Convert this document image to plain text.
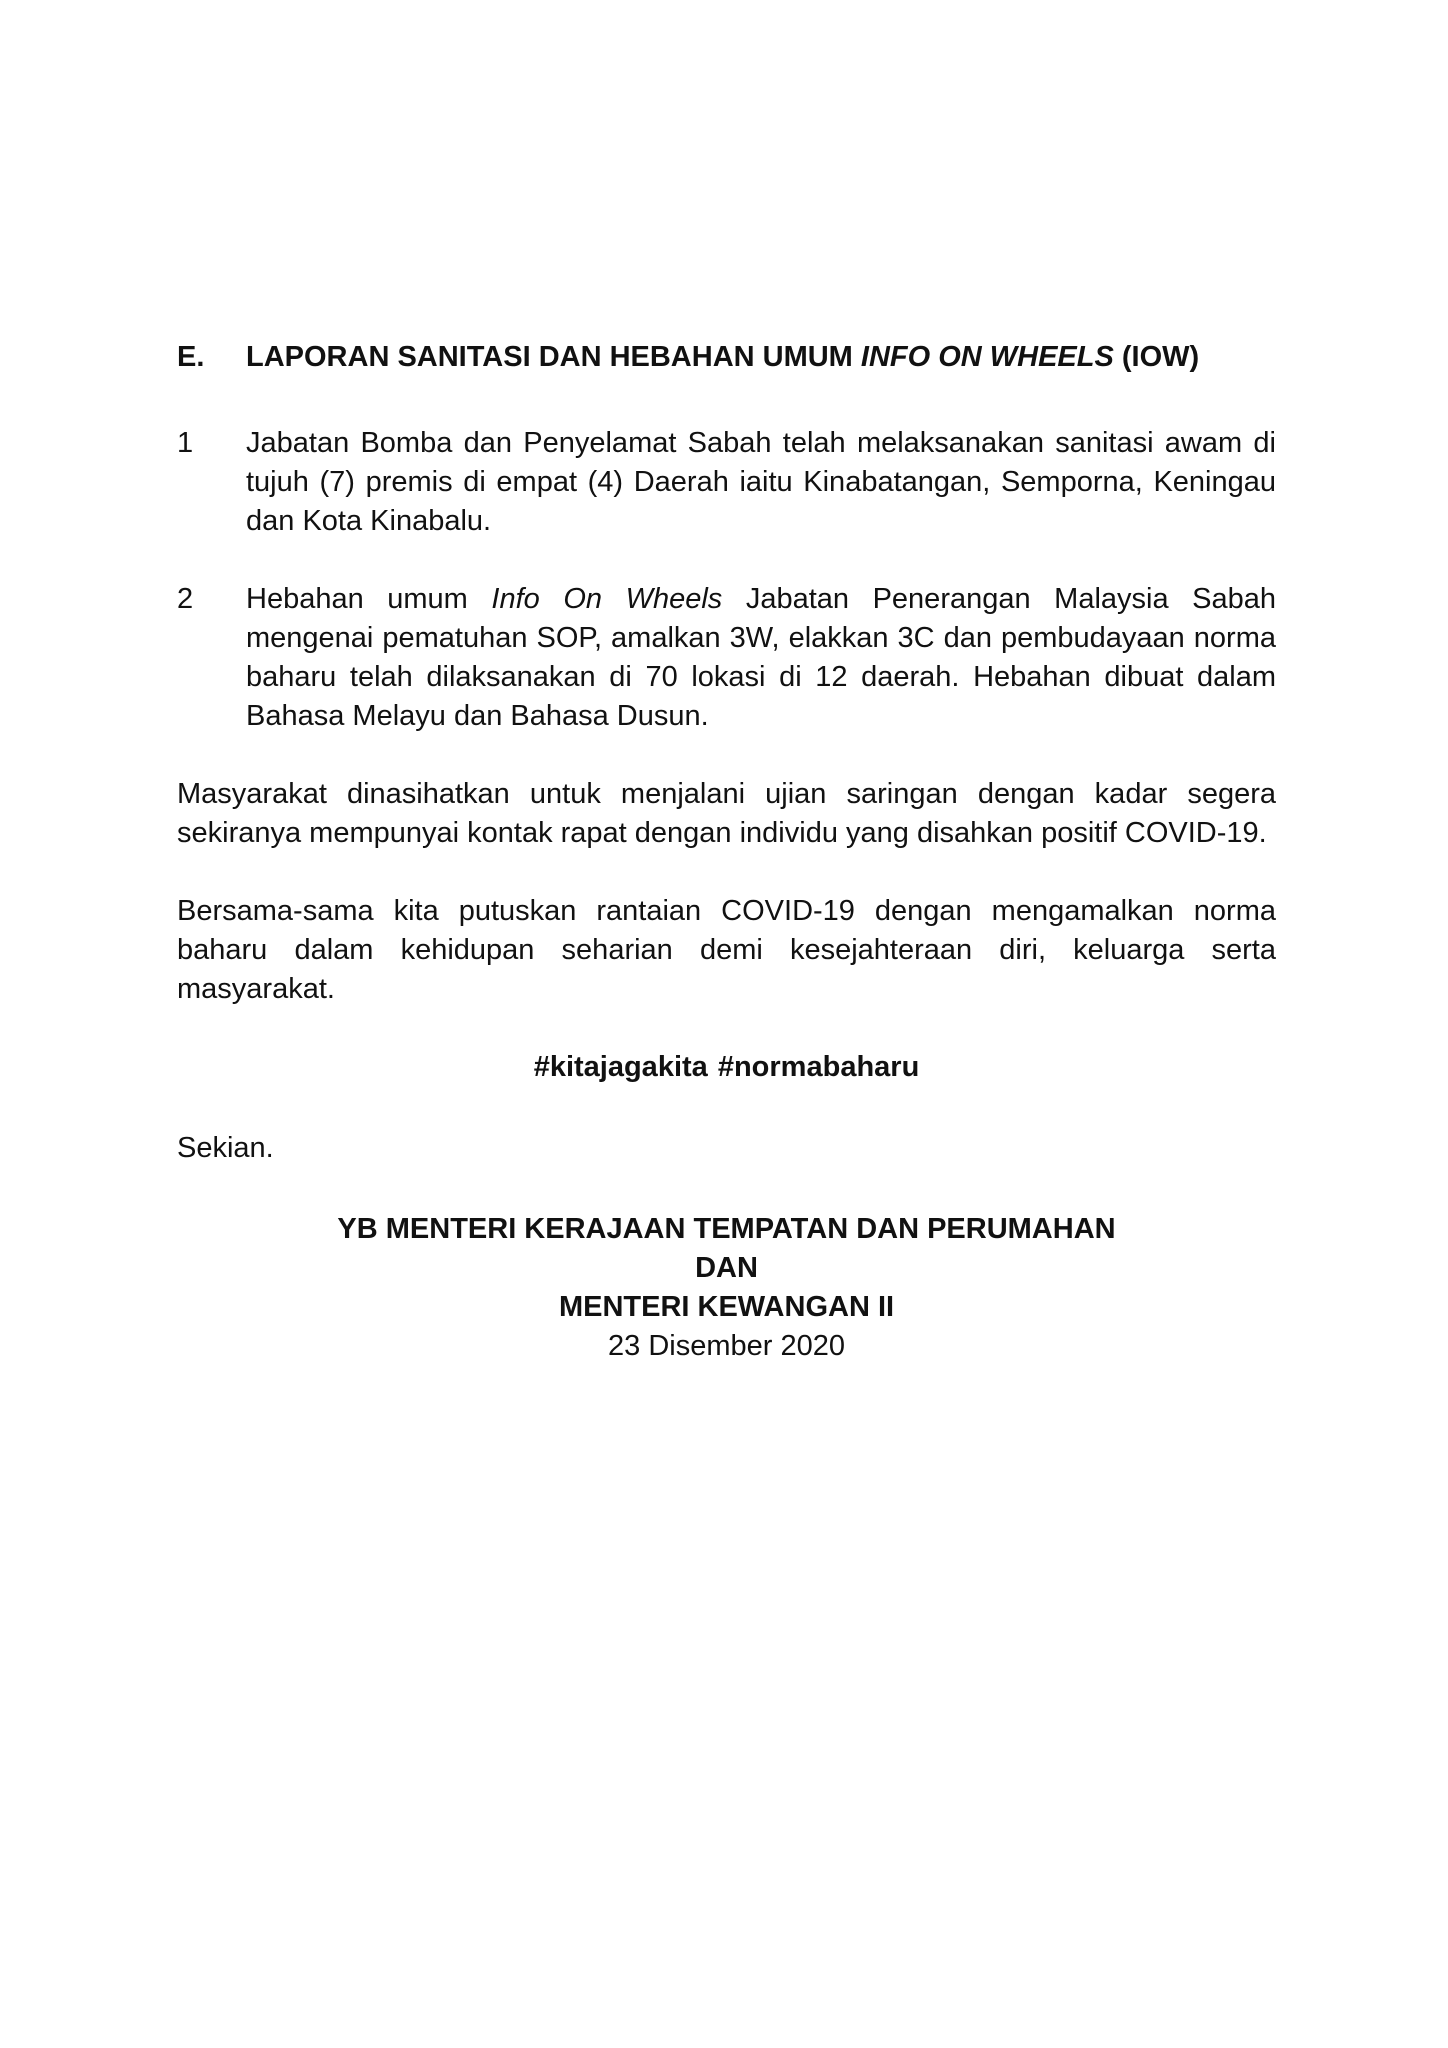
E.	LAPORAN SANITASI DAN HEBAHAN UMUM INFO ON WHEELS (IOW)
1	Jabatan Bomba dan Penyelamat Sabah telah melaksanakan sanitasi awam di tujuh (7) premis di empat (4) Daerah iaitu Kinabatangan, Semporna, Keningau dan Kota Kinabalu.
2	Hebahan umum Info On Wheels Jabatan Penerangan Malaysia Sabah mengenai pematuhan SOP, amalkan 3W, elakkan 3C dan pembudayaan norma baharu telah dilaksanakan di 70 lokasi di 12 daerah. Hebahan dibuat dalam Bahasa Melayu dan Bahasa Dusun.

Masyarakat dinasihatkan untuk menjalani ujian saringan dengan kadar segera sekiranya mempunyai kontak rapat dengan individu yang disahkan positif COVID-19.

Bersama-sama kita putuskan rantaian COVID-19 dengan mengamalkan norma baharu dalam kehidupan seharian demi kesejahteraan diri, keluarga serta masyarakat.

#kitajagakita #normabaharu
Sekian.
YB MENTERI KERAJAAN TEMPATAN DAN PERUMAHAN
DAN
MENTERI KEWANGAN II
23 Disember 2020
